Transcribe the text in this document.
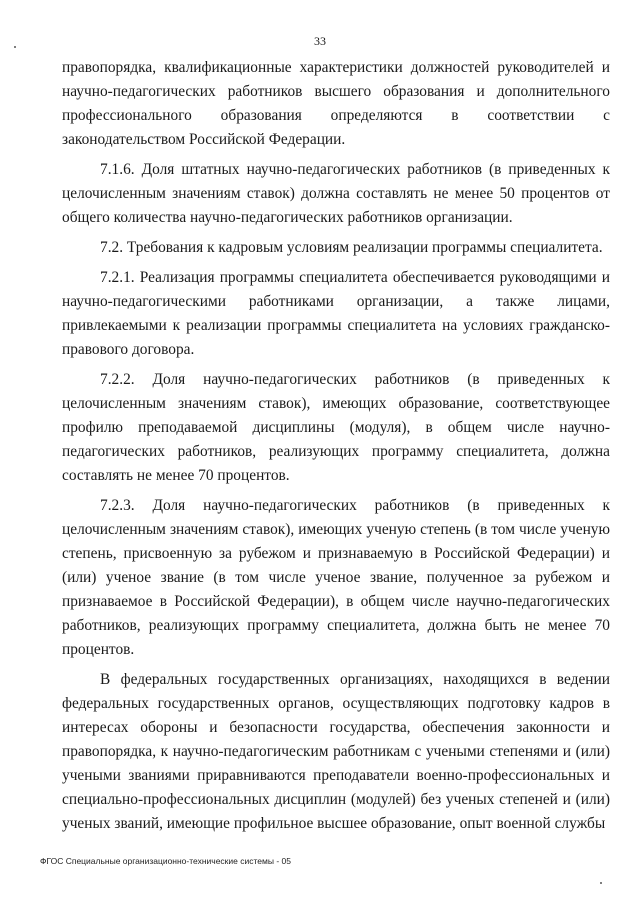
33

правопорядка, квалификационные характеристики должностей руководителей и научно-педагогических работников высшего образования и дополнительного профессионального образования определяются в соответствии с законодательством Российской Федерации.

7.1.6. Доля штатных научно-педагогических работников (в приведенных к целочисленным значениям ставок) должна составлять не менее 50 процентов от общего количества научно-педагогических работников организации.

7.2. Требования к кадровым условиям реализации программы специалитета.

7.2.1. Реализация программы специалитета обеспечивается руководящими и научно-педагогическими работниками организации, а также лицами, привлекаемыми к реализации программы специалитета на условиях гражданско-правового договора.

7.2.2. Доля научно-педагогических работников (в приведенных к целочисленным значениям ставок), имеющих образование, соответствующее профилю преподаваемой дисциплины (модуля), в общем числе научно-педагогических работников, реализующих программу специалитета, должна составлять не менее 70 процентов.

7.2.3. Доля научно-педагогических работников (в приведенных к целочисленным значениям ставок), имеющих ученую степень (в том числе ученую степень, присвоенную за рубежом и признаваемую в Российской Федерации) и (или) ученое звание (в том числе ученое звание, полученное за рубежом и признаваемое в Российской Федерации), в общем числе научно-педагогических работников, реализующих программу специалитета, должна быть не менее 70 процентов.

В федеральных государственных организациях, находящихся в ведении федеральных государственных органов, осуществляющих подготовку кадров в интересах обороны и безопасности государства, обеспечения законности и правопорядка, к научно-педагогическим работникам с учеными степенями и (или) учеными званиями приравниваются преподаватели военно-профессиональных и специально-профессиональных дисциплин (модулей) без ученых степеней и (или) ученых званий, имеющие профильное высшее образование, опыт военной службы

ФГОС Специальные организационно-технические системы - 05
